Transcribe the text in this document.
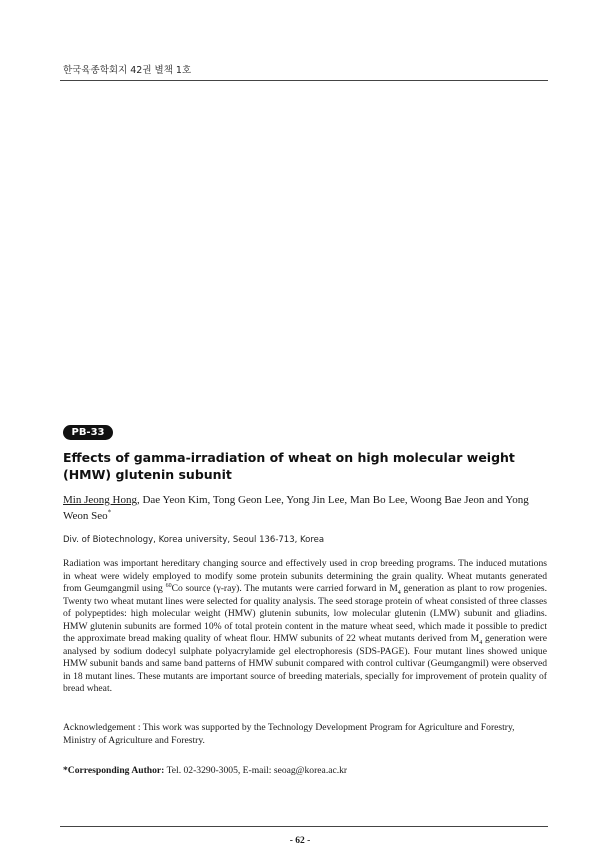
한국육종학회지 42권 별책 1호
PB-33
Effects of gamma-irradiation of wheat on high molecular weight (HMW) glutenin subunit
Min Jeong Hong, Dae Yeon Kim, Tong Geon Lee, Yong Jin Lee, Man Bo Lee, Woong Bae Jeon and Yong Weon Seo*
Div. of Biotechnology, Korea university, Seoul 136-713, Korea

Radiation was important hereditary changing source and effectively used in crop breeding programs. The induced mutations in wheat were widely employed to modify some protein subunits determining the grain quality. Wheat mutants generated from Geumgangmil using $^{60}$Co source (γ-ray). The mutants were carried forward in $M_4$ generation as plant to row progenies. Twenty two wheat mutant lines were selected for quality analysis. The seed storage protein of wheat consisted of three classes of polypeptides: high molecular weight (HMW) glutenin subunits, low molecular glutenin (LMW) subunit and gliadins. HMW glutenin subunits are formed 10% of total protein content in the mature wheat seed, which made it possible to predict the approximate bread making quality of wheat flour. HMW subunits of 22 wheat mutants derived from $M_4$ generation were analysed by sodium dodecyl sulphate polyacrylamide gel electrophoresis (SDS-PAGE). Four mutant lines showed unique HMW subunit bands and same band patterns of HMW subunit compared with control cultivar (Geumgangmil) were observed in 18 mutant lines. These mutants are important source of breeding materials, specially for improvement of protein quality of bread wheat.

Acknowledgement : This work was supported by the Technology Development Program for Agriculture and Forestry, Ministry of Agriculture and Forestry.

*Corresponding Author: Tel. 02-3290-3005, E-mail: seoag@korea.ac.kr
- 62 -
